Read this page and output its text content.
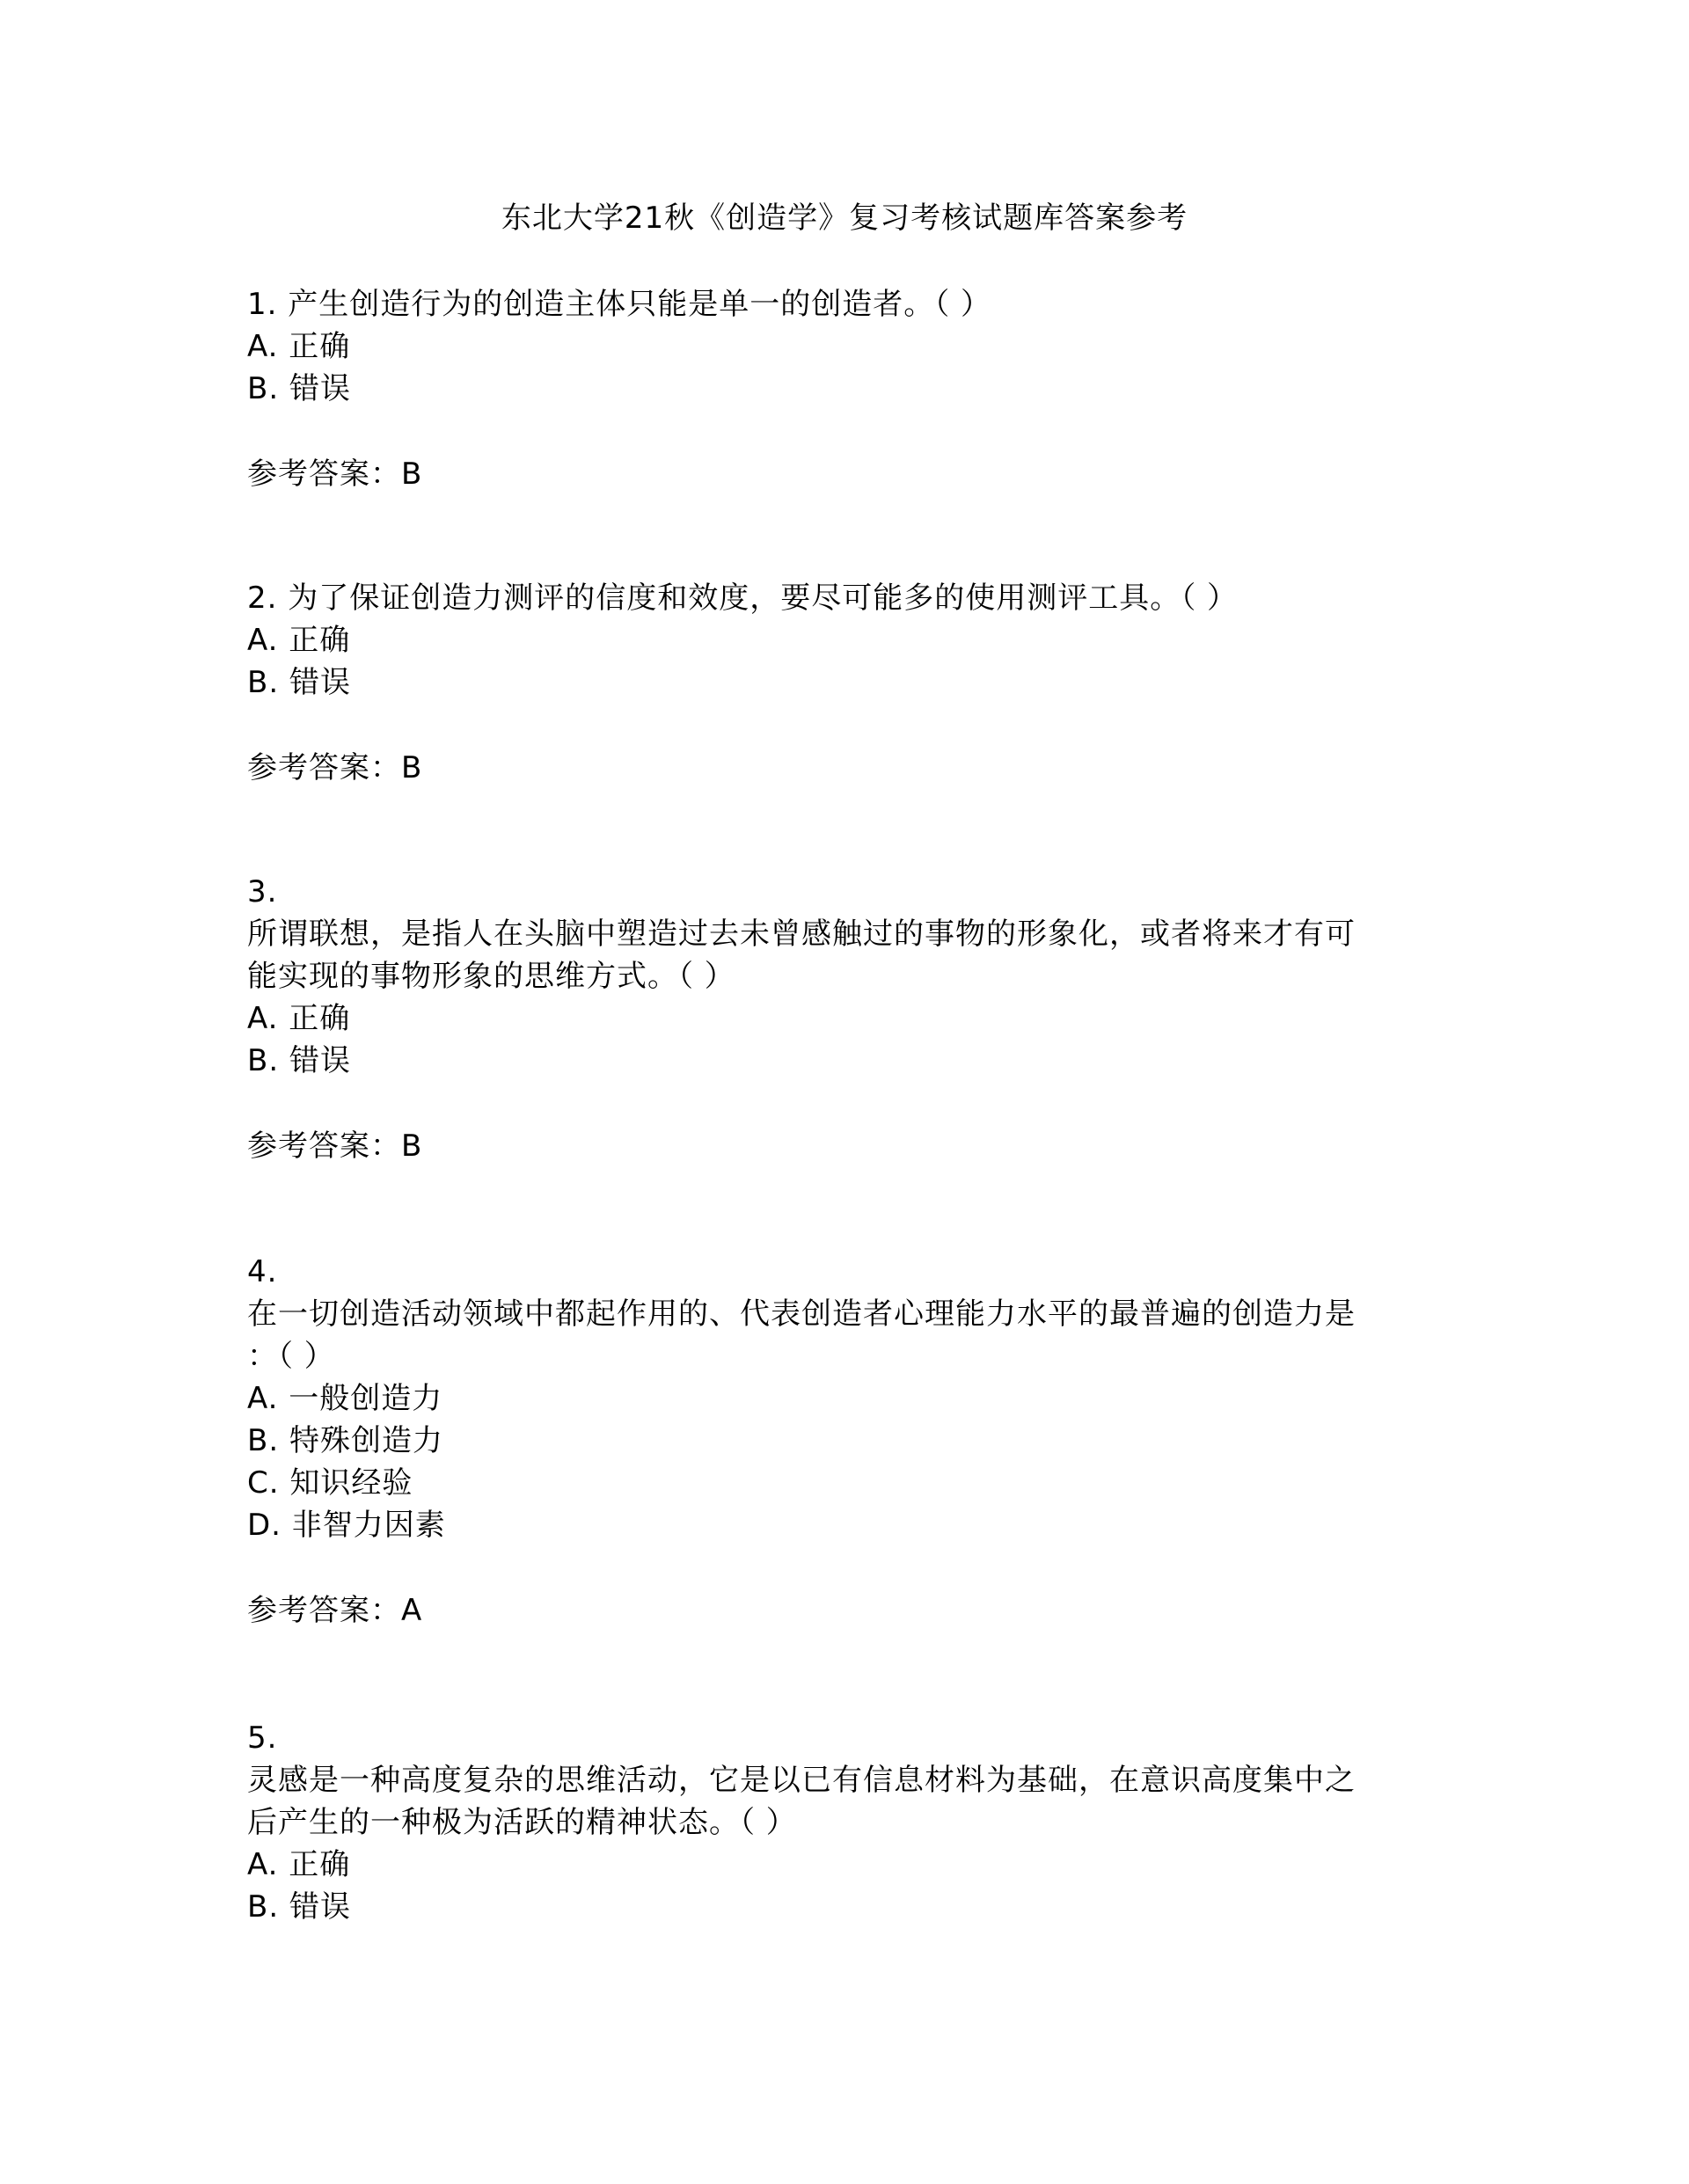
东北大学21秋《创造学》复习考核试题库答案参考
1. 产生创造行为的创造主体只能是单一的创造者。（ ）
A. 正确
B. 错误
参考答案：B
2. 为了保证创造力测评的信度和效度，要尽可能多的使用测评工具。（ ）
A. 正确
B. 错误
参考答案：B
3.
所谓联想，是指人在头脑中塑造过去未曾感触过的事物的形象化，或者将来才有可
能实现的事物形象的思维方式。（ ）
A. 正确
B. 错误
参考答案：B
4.
在一切创造活动领域中都起作用的、代表创造者心理能力水平的最普遍的创造力是
：（ ）
A. 一般创造力
B. 特殊创造力
C. 知识经验
D. 非智力因素
参考答案：A
5.
灵感是一种高度复杂的思维活动，它是以已有信息材料为基础，在意识高度集中之
后产生的一种极为活跃的精神状态。（ ）
A. 正确
B. 错误
